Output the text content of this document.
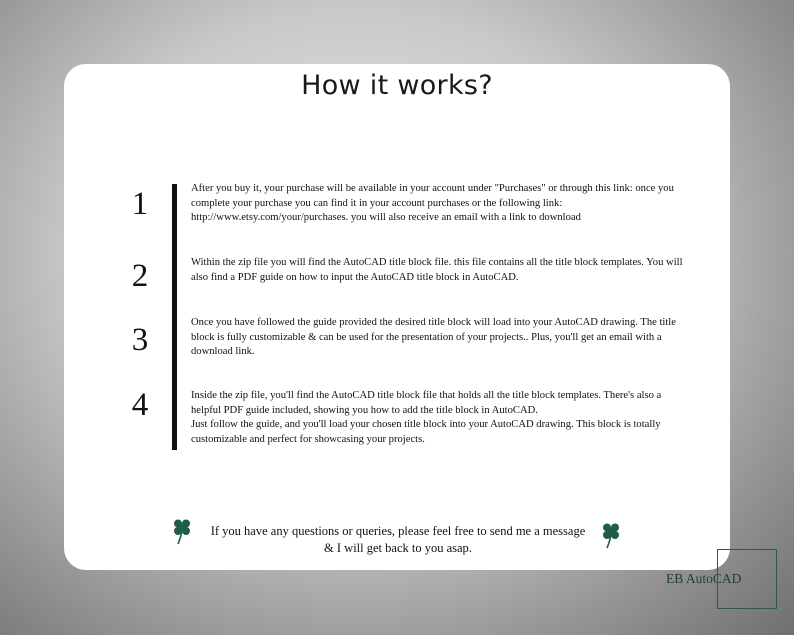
How it works?
1	After you buy it, your purchase will be available in your account under "Purchases" or through this link: once you complete your purchase you can find it in your account purchases or the following link: http://www.etsy.com/your/purchases. you will also receive an email with a link to download
2	Within the zip file you will find the AutoCAD title block file. this file contains all the title block templates. You will also find a PDF guide on how to input the AutoCAD title block in AutoCAD.
3	Once you have followed the guide provided the desired title block will load into your AutoCAD drawing. The title block is fully customizable & can be used for the presentation of your projects.. Plus, you'll get an email with a download link.
4	Inside the zip file, you'll find the AutoCAD title block file that holds all the title block templates. There's also a helpful PDF guide included, showing you how to add the title block in AutoCAD.
Just follow the guide, and you'll load your chosen title block into your AutoCAD drawing. This block is totally customizable and perfect for showcasing your projects.
If you have any questions or queries, please feel free to send me a message
& I will get back to you asap.
EB AutoCAD
